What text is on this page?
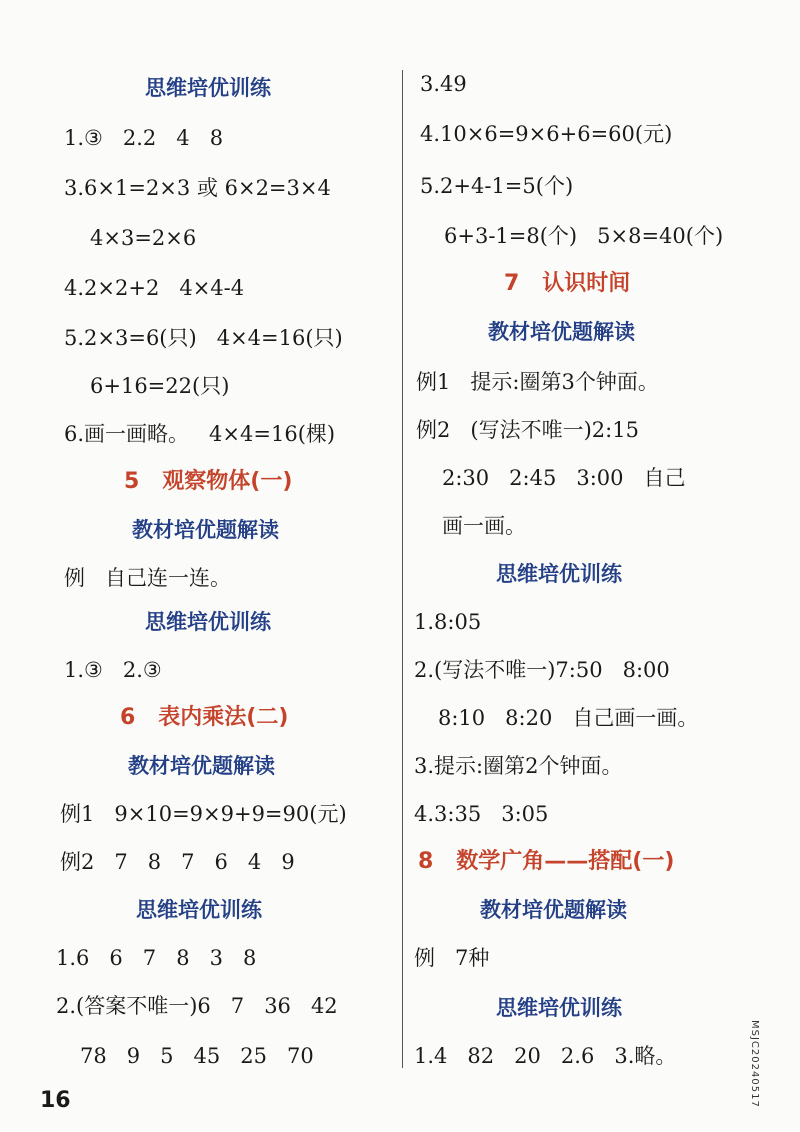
思维培优训练
1.③   2.2   4   8
3.6×1=2×3 或 6×2=3×4
4×3=2×6
4.2×2+2   4×4-4
5.2×3=6(只)   4×4=16(只)
6+16=22(只)
6.画一画略。   4×4=16(棵)
5   观察物体(一)
教材培优题解读
例   自己连一连。
思维培优训练
1.③   2.③
6   表内乘法(二)
教材培优题解读
例1   9×10=9×9+9=90(元)
例2   7   8   7   6   4   9
思维培优训练
1.6   6   7   8   3   8
2.(答案不唯一)6   7   36   42
78   9   5   45   25   70
3.49
4.10×6=9×6+6=60(元)
5.2+4-1=5(个)
6+3-1=8(个)   5×8=40(个)
7   认识时间
教材培优题解读
例1   提示:圈第3个钟面。
例2   (写法不唯一)2:15
2:30   2:45   3:00   自己
画一画。
思维培优训练
1.8:05
2.(写法不唯一)7:50   8:00
8:10   8:20   自己画一画。
3.提示:圈第2个钟面。
4.3:35   3:05
8   数学广角——搭配(一)
教材培优题解读
例   7种
思维培优训练
1.4   82   20   2.6   3.略。
16	MSJC20240517
